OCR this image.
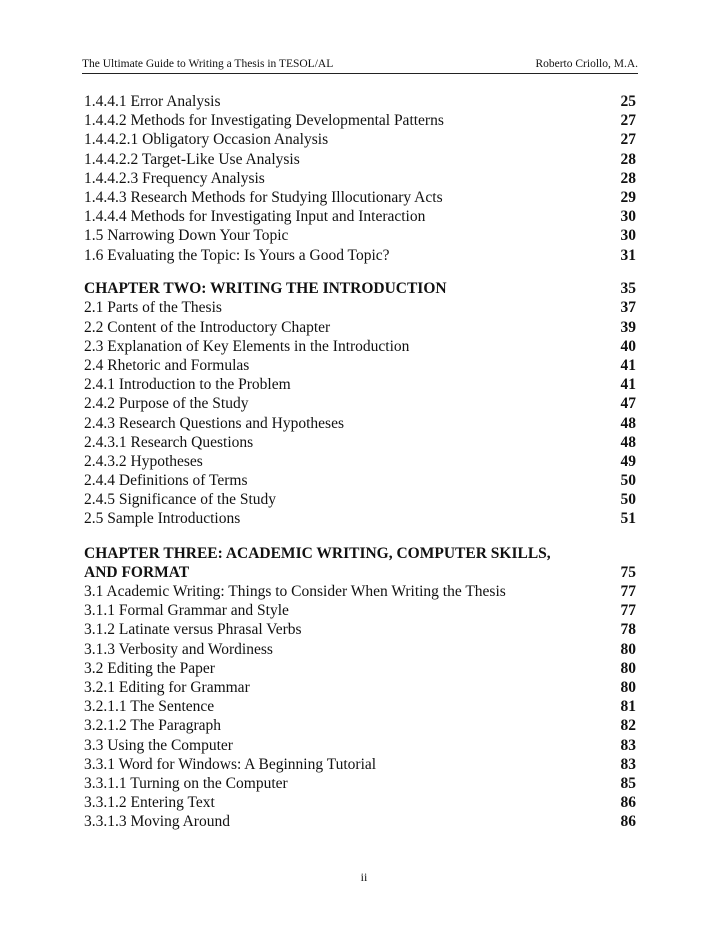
The Ultimate Guide to Writing a Thesis in TESOL/AL	Roberto Criollo, M.A.
1.4.4.1 Error Analysis	25
1.4.4.2 Methods for Investigating Developmental Patterns	27
1.4.4.2.1 Obligatory Occasion Analysis	27
1.4.4.2.2 Target-Like Use Analysis	28
1.4.4.2.3 Frequency Analysis	28
1.4.4.3 Research Methods for Studying Illocutionary Acts	29
1.4.4.4 Methods for Investigating Input and Interaction	30
1.5 Narrowing Down Your Topic	30
1.6 Evaluating the Topic: Is Yours a Good Topic?	31
CHAPTER TWO: WRITING THE INTRODUCTION	35
2.1 Parts of the Thesis	37
2.2 Content of the Introductory Chapter	39
2.3 Explanation of Key Elements in the Introduction	40
2.4 Rhetoric and Formulas	41
2.4.1 Introduction to the Problem	41
2.4.2 Purpose of the Study	47
2.4.3 Research Questions and Hypotheses	48
2.4.3.1 Research Questions	48
2.4.3.2 Hypotheses	49
2.4.4 Definitions of Terms	50
2.4.5 Significance of the Study	50
2.5 Sample Introductions	51
CHAPTER THREE: ACADEMIC WRITING, COMPUTER SKILLS,
AND FORMAT	75
3.1 Academic Writing: Things to Consider When Writing the Thesis	77
3.1.1 Formal Grammar and Style	77
3.1.2 Latinate versus Phrasal Verbs	78
3.1.3 Verbosity and Wordiness	80
3.2 Editing the Paper	80
3.2.1 Editing for Grammar	80
3.2.1.1 The Sentence	81
3.2.1.2 The Paragraph	82
3.3 Using the Computer	83
3.3.1 Word for Windows: A Beginning Tutorial	83
3.3.1.1 Turning on the Computer	85
3.3.1.2 Entering Text	86
3.3.1.3 Moving Around	86
ii
